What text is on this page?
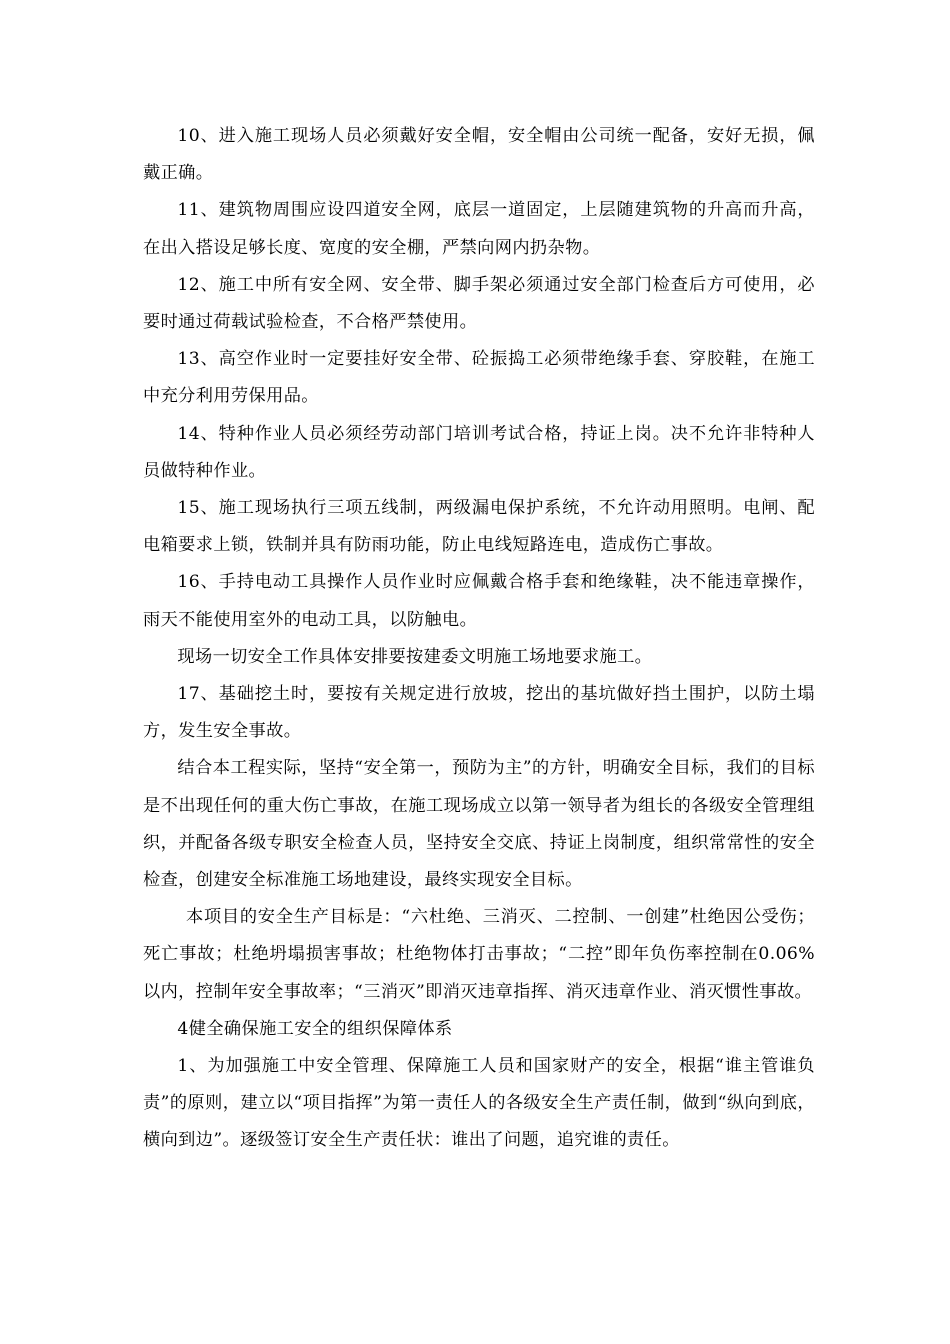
10、进入施工现场人员必须戴好安全帽，安全帽由公司统一配备，安好无损，佩戴正确。

11、建筑物周围应设四道安全网，底层一道固定，上层随建筑物的升高而升高，在出入搭设足够长度、宽度的安全棚，严禁向网内扔杂物。

12、施工中所有安全网、安全带、脚手架必须通过安全部门检查后方可使用，必要时通过荷载试验检查，不合格严禁使用。

13、高空作业时一定要挂好安全带、砼振捣工必须带绝缘手套、穿胶鞋，在施工中充分利用劳保用品。

14、特种作业人员必须经劳动部门培训考试合格，持证上岗。决不允许非特种人员做特种作业。

15、施工现场执行三项五线制，两级漏电保护系统，不允许动用照明。电闸、配电箱要求上锁，铁制并具有防雨功能，防止电线短路连电，造成伤亡事故。

16、手持电动工具操作人员作业时应佩戴合格手套和绝缘鞋，决不能违章操作，雨天不能使用室外的电动工具，以防触电。

现场一切安全工作具体安排要按建委文明施工场地要求施工。

17、基础挖土时，要按有关规定进行放坡，挖出的基坑做好挡土围护，以防土塌方，发生安全事故。

结合本工程实际，坚持“安全第一，预防为主”的方针，明确安全目标，我们的目标是不出现任何的重大伤亡事故，在施工现场成立以第一领导者为组长的各级安全管理组织，并配备各级专职安全检查人员，坚持安全交底、持证上岗制度，组织常常性的安全检查，创建安全标准施工场地建设，最终实现安全目标。

本项目的安全生产目标是：“六杜绝、三消灭、二控制、一创建”杜绝因公受伤；死亡事故；杜绝坍塌损害事故；杜绝物体打击事故；“二控”即年负伤率控制在0.06%以内，控制年安全事故率；“三消灭”即消灭违章指挥、消灭违章作业、消灭惯性事故。

4健全确保施工安全的组织保障体系

1、为加强施工中安全管理、保障施工人员和国家财产的安全，根据“谁主管谁负责”的原则，建立以“项目指挥”为第一责任人的各级安全生产责任制，做到“纵向到底，横向到边”。逐级签订安全生产责任状：谁出了问题，追究谁的责任。
